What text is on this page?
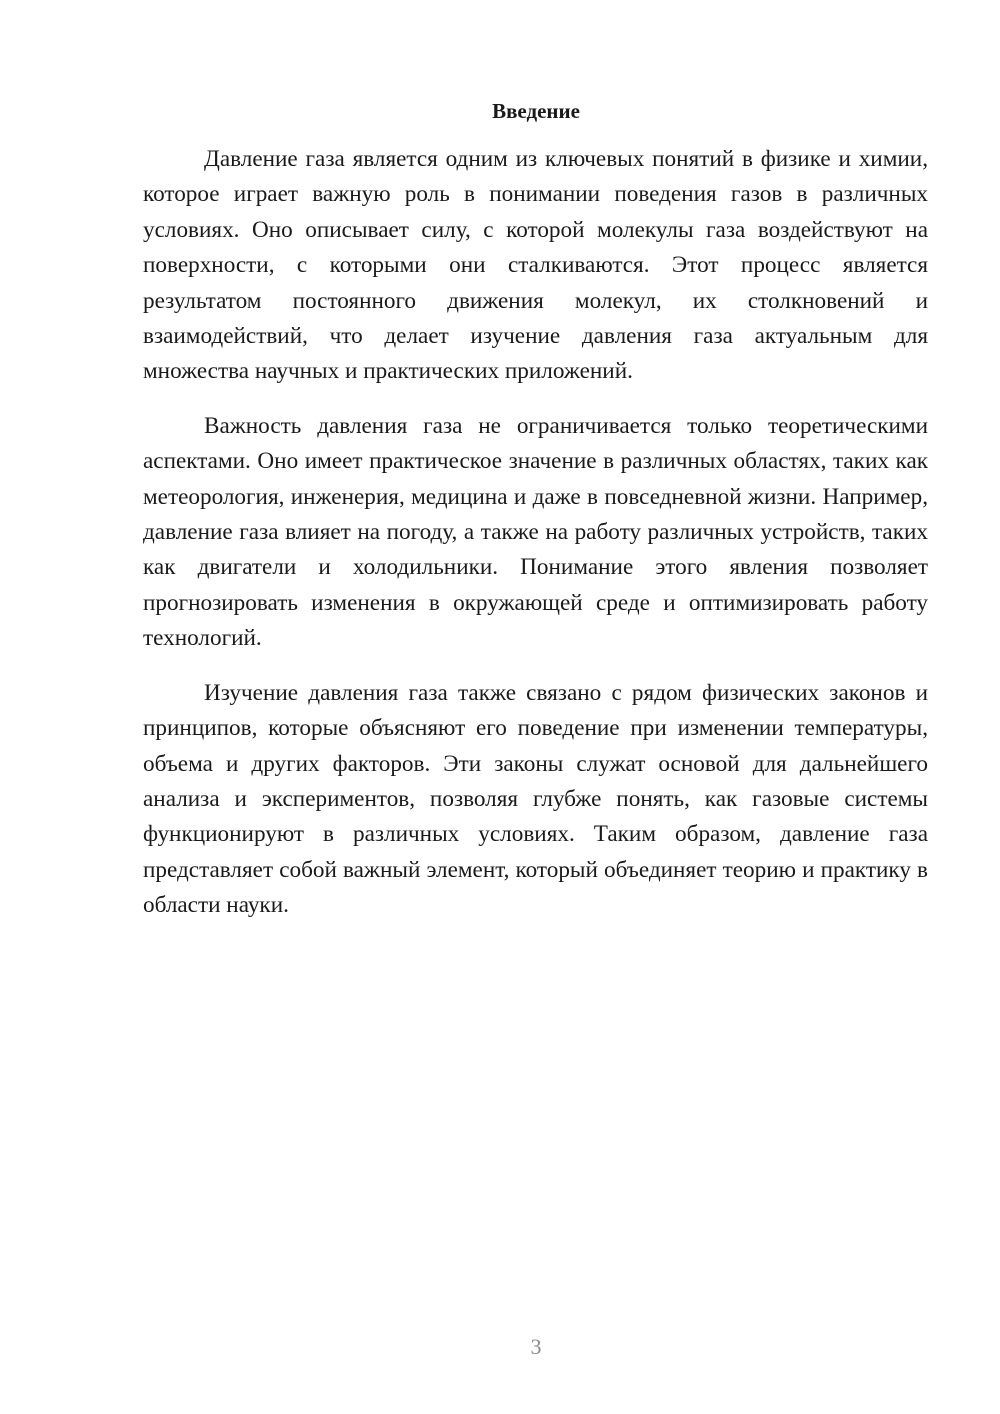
Введение

Давление газа является одним из ключевых понятий в физике и химии, которое играет важную роль в понимании поведения газов в различных условиях. Оно описывает силу, с которой молекулы газа воздействуют на поверхности, с которыми они сталкиваются. Этот процесс является результатом постоянного движения молекул, их столкновений и взаимодействий, что делает изучение давления газа актуальным для множества научных и практических приложений.

Важность давления газа не ограничивается только теоретическими аспектами. Оно имеет практическое значение в различных областях, таких как метеорология, инженерия, медицина и даже в повседневной жизни. Например, давление газа влияет на погоду, а также на работу различных устройств, таких как двигатели и холодильники. Понимание этого явления позволяет прогнозировать изменения в окружающей среде и оптимизировать работу технологий.

Изучение давления газа также связано с рядом физических законов и принципов, которые объясняют его поведение при изменении температуры, объема и других факторов. Эти законы служат основой для дальнейшего анализа и экспериментов, позволяя глубже понять, как газовые системы функционируют в различных условиях. Таким образом, давление газа представляет собой важный элемент, который объединяет теорию и практику в области науки.

3
